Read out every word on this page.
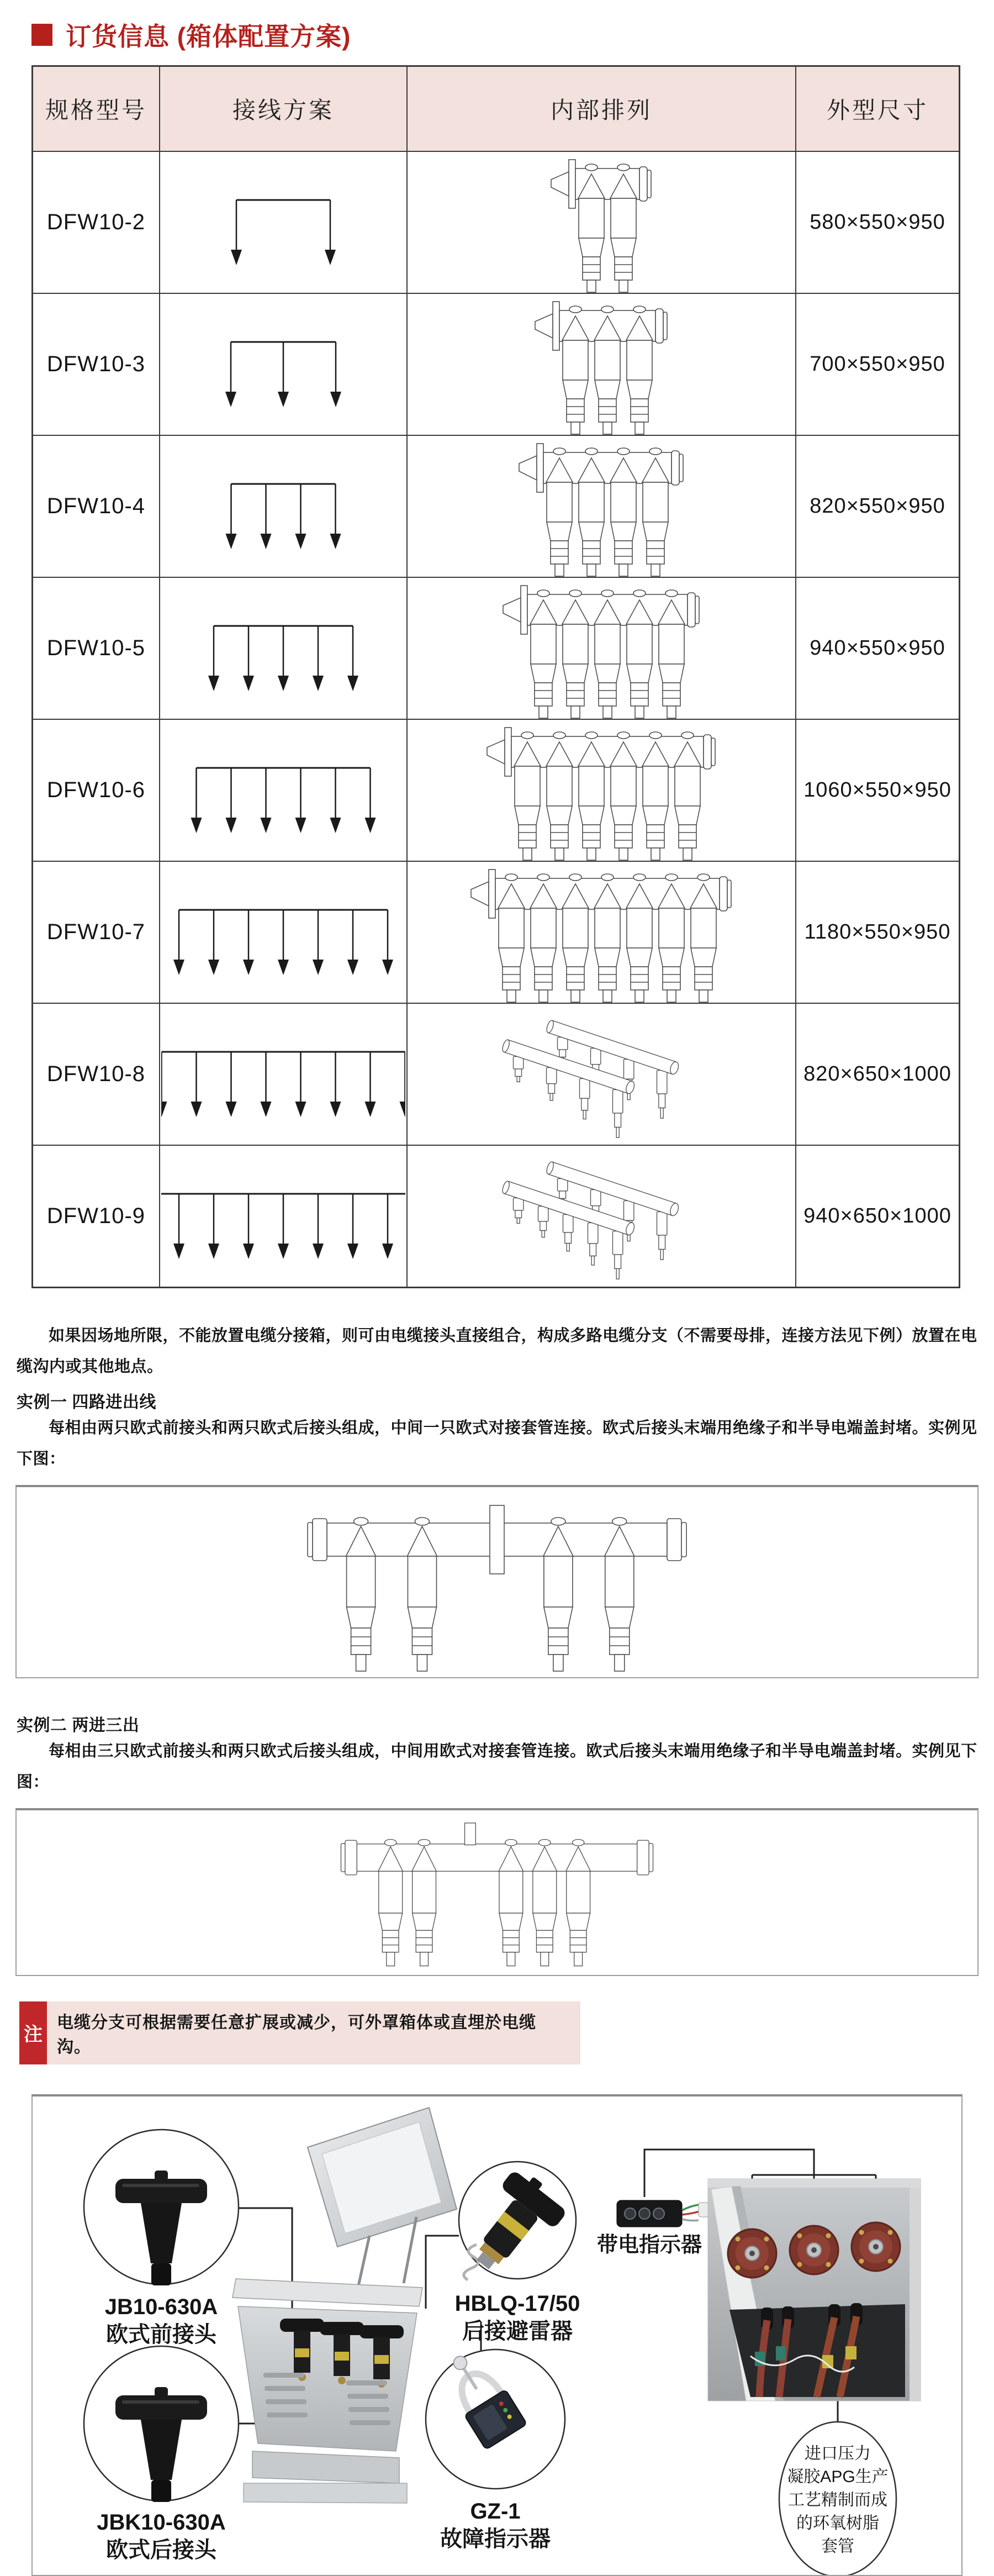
订货信息 (箱体配置方案)
规格型号	接线方案	内部排列	外型尺寸
DFW10-2			580×550×950
DFW10-3			700×550×950
DFW10-4			820×550×950
DFW10-5			940×550×950
DFW10-6			1060×550×950
DFW10-7			1180×550×950
DFW10-8			820×650×1000
DFW10-9			940×650×1000
如果因场地所限，不能放置电缆分接箱，则可由电缆接头直接组合，构成多路电缆分支（不需要母排，连接方法见下例）放置在电缆沟内或其他地点。
实例一 四路进出线
每相由两只欧式前接头和两只欧式后接头组成，中间一只欧式对接套管连接。欧式后接头末端用绝缘子和半导电端盖封堵。实例见下图：
实例二 两进三出
每相由三只欧式前接头和两只欧式后接头组成，中间用欧式对接套管连接。欧式后接头末端用绝缘子和半导电端盖封堵。实例见下图：
注
电缆分支可根据需要任意扩展或减少，可外罩箱体或直埋於电缆沟。
JB10-630A
欧式前接头
JBK10-630A
欧式后接头
HBLQ-17/50
后接避雷器
GZ-1
故障指示器
带电指示器
进口压力
凝胶APG生产
工艺精制而成
的环氧树脂
套管
